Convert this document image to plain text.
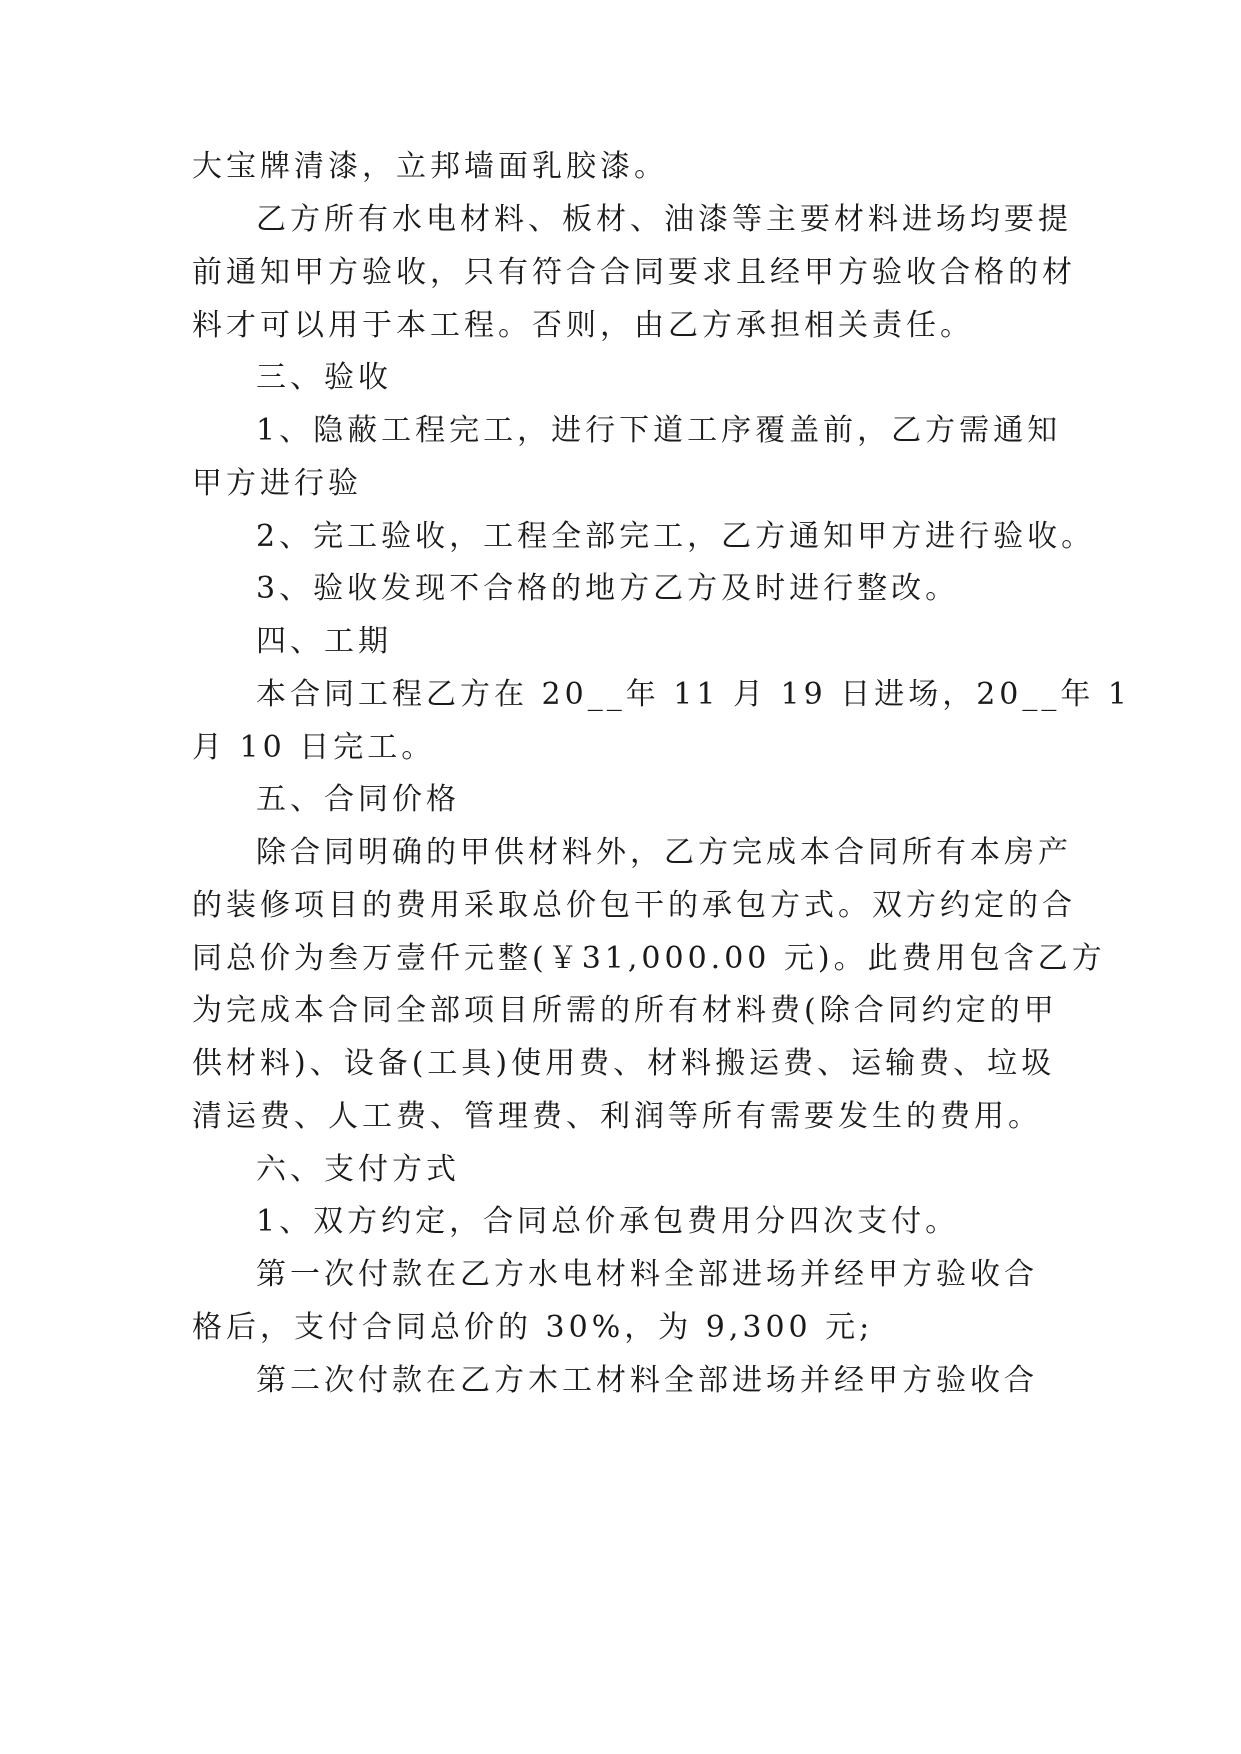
大宝牌清漆，立邦墙面乳胶漆。
乙方所有水电材料、板材、油漆等主要材料进场均要提
前通知甲方验收，只有符合合同要求且经甲方验收合格的材
料才可以用于本工程。否则，由乙方承担相关责任。
三、验收
1、隐蔽工程完工，进行下道工序覆盖前，乙方需通知
甲方进行验
2、完工验收，工程全部完工，乙方通知甲方进行验收。
3、验收发现不合格的地方乙方及时进行整改。
四、工期
本合同工程乙方在 20__年 11 月 19 日进场，20__年 1
月 10 日完工。
五、合同价格
除合同明确的甲供材料外，乙方完成本合同所有本房产
的装修项目的费用采取总价包干的承包方式。双方约定的合
同总价为叁万壹仟元整(￥31,000.00 元)。此费用包含乙方
为完成本合同全部项目所需的所有材料费(除合同约定的甲
供材料)、设备(工具)使用费、材料搬运费、运输费、垃圾
清运费、人工费、管理费、利润等所有需要发生的费用。
六、支付方式
1、双方约定，合同总价承包费用分四次支付。
第一次付款在乙方水电材料全部进场并经甲方验收合
格后，支付合同总价的 30%，为 9,300 元;
第二次付款在乙方木工材料全部进场并经甲方验收合
